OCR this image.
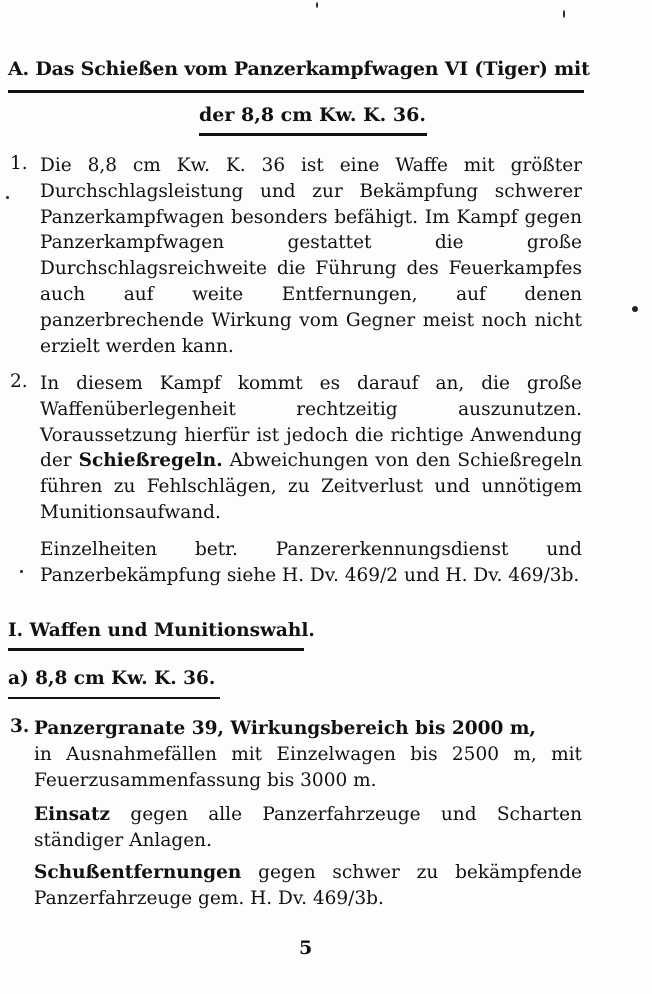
A. Das Schießen vom Panzerkampfwagen VI (Tiger) mit
der 8,8 cm Kw. K. 36.
1. Die 8,8 cm Kw. K. 36 ist eine Waffe mit größter Durchschlagsleistung und zur Bekämpfung schwerer Panzerkampfwagen besonders befähigt. Im Kampf gegen Panzerkampfwagen gestattet die große Durchschlagsreichweite die Führung des Feuerkampfes auch auf weite Entfernungen, auf denen panzerbrechende Wirkung vom Gegner meist noch nicht erzielt werden kann.
2. In diesem Kampf kommt es darauf an, die große Waffenüberlegenheit rechtzeitig auszunutzen. Voraussetzung hierfür ist jedoch die richtige Anwendung der Schießregeln. Abweichungen von den Schießregeln führen zu Fehlschlägen, zu Zeitverlust und unnötigem Munitionsaufwand.
Einzelheiten betr. Panzererkennungsdienst und Panzerbekämpfung siehe H. Dv. 469/2 und H. Dv. 469/3b.
I. Waffen und Munitionswahl.
a) 8,8 cm Kw. K. 36.
3. Panzergranate 39, Wirkungsbereich bis 2000 m,
in Ausnahmefällen mit Einzelwagen bis 2500 m, mit
Feuerzusammenfassung bis 3000 m.
Einsatz gegen alle Panzerfahrzeuge und Scharten ständiger Anlagen.
Schußentfernungen gegen schwer zu bekämpfende Panzerfahrzeuge gem. H. Dv. 469/3b.
5
